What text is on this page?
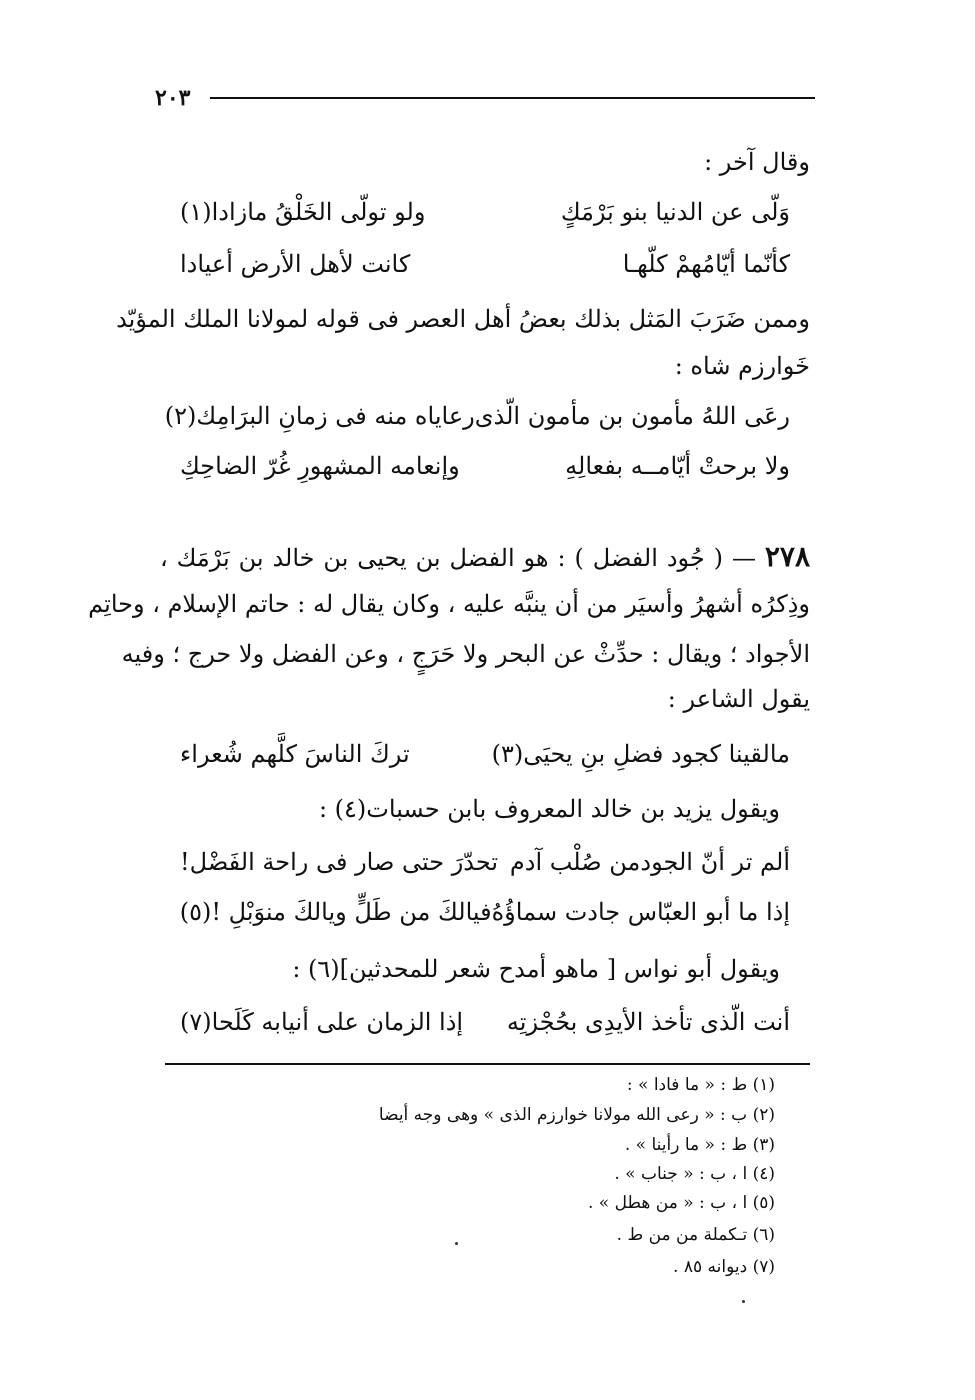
٢٠٣
وقال آخر :
وَلّى عن الدنيا بنو بَرْمَكٍ
ولو تولّى الخَلْقُ مازادا(١)
كأنّما أيّامُهمْ كلّهـا
كانت لأهل الأرض أعيادا
وممن ضَرَبَ المَثل بذلك بعضُ أهل العصر فى قوله لمولانا الملك المؤيّد
خَوارزم شاه :
رعَى اللهُ مأمون بن مأمون الّذى
رعاياه منه فى زمانِ البرَامِك(٢)
ولا برحتْ أيّامــه بفعالِهِ
وإنعامه المشهورِ غُرّ الضاحِكِ
٢٧٨ — ( جُود الفضل ) : هو الفضل بن يحيى بن خالد بن بَرْمَك ،
وذِكرُه أشهرُ وأسيَر من أن ينبَّه عليه ، وكان يقال له : حاتم الإسلام ، وحاتِم
الأجواد ؛ ويقال : حدِّثْ عن البحر ولا حَرَجٍ ، وعن الفضل ولا حرج ؛ وفيه
يقول الشاعر :
مالقينا كجود فضلِ بنِ يحيَى(٣)
تركَ الناسَ كلَّهم شُعراء
ويقول يزيد بن خالد المعروف بابن حسبات(٤) :
ألم تر أنّ الجودمن صُلْب آدم
تحدّرَ حتى صار فى راحة الفَضْل!
إذا ما أبو العبّاس جادت سماؤُهُ
فيالكَ من طَلٍّ ويالكَ منوَبْلِ !(٥)
ويقول أبو نواس [ ماهو أمدح شعر للمحدثين](٦) :
أنت الّذى تأخذ الأيدِى بحُجْزتِه
إذا الزمان على أنيابه كَلَحا(٧)
(١) ط : « ما فادا » :
(٢) ب : « رعى الله مولانا خوارزم الذى » وهى وجه أيضا
(٣) ط : « ما رأينا » .
(٤) ا ، ب : « جناب » .
(٥) ا ، ب : « من هطل » .
(٦) تـكملة من من ط .
(٧) ديوانه ٨٥ .
